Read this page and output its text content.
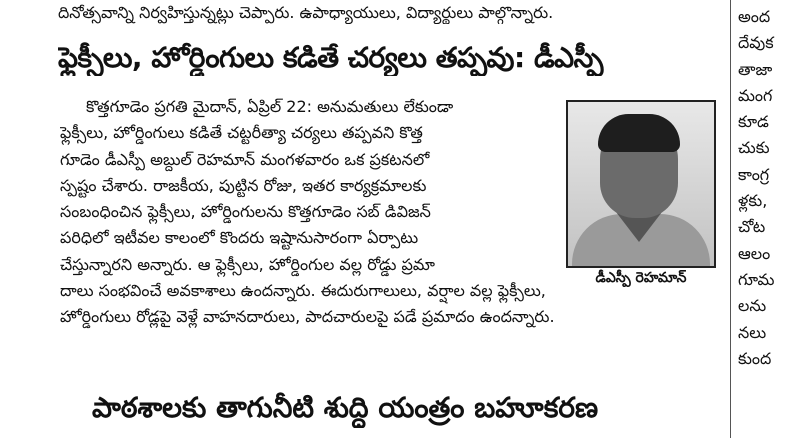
దినోత్సవాన్ని నిర్వహిస్తున్నట్లు చెప్పారు. ఉపాధ్యాయులు, విద్యార్థులు పాల్గొన్నారు.
ఫ్లెక్సీలు, హోర్డింగులు కడితే చర్యలు తప్పవు: డీఎస్పీ
కొత్తగూడెం ప్రగతి మైదాన్, ఏప్రిల్ 22: అనుమతులు లేకుండా
ఫ్లెక్సీలు, హోర్డింగులు కడితే చట్టరీత్యా చర్యలు తప్పవని కొత్త
గూడెం డీఎస్పీ అబ్దుల్ రెహమాన్ మంగళవారం ఒక ప్రకటనలో
స్పష్టం చేశారు. రాజకీయ, పుట్టిన రోజు, ఇతర కార్యక్రమాలకు
సంబంధించిన ఫ్లెక్సీలు, హోర్డింగులను కొత్తగూడెం సబ్ డివిజన్
పరిధిలో ఇటీవల కాలంలో కొందరు ఇష్టానుసారంగా ఏర్పాటు
చేస్తున్నారని అన్నారు. ఆ ఫ్లెక్సీలు, హోర్డింగుల వల్ల రోడ్డు ప్రమా
దాలు సంభవించే అవకాశాలు ఉందన్నారు. ఈదురుగాలులు, వర్షాల వల్ల ఫ్లెక్సీలు,
హోర్డింగులు రోడ్లపై వెళ్లే వాహనదారులు, పాదచారులపై పడే ప్రమాదం ఉందన్నారు.
డీఎస్పీ రెహమాన్
పాఠశాలకు తాగునీటి శుద్ధి యంత్రం బహూకరణ
అంద
దేవుక
తాజా
మంగ
కూడ
చుకు
కాంగ్ర
ళ్లకు,
చోట
ఆలం
గూమ
లను
నలు
కుంద
